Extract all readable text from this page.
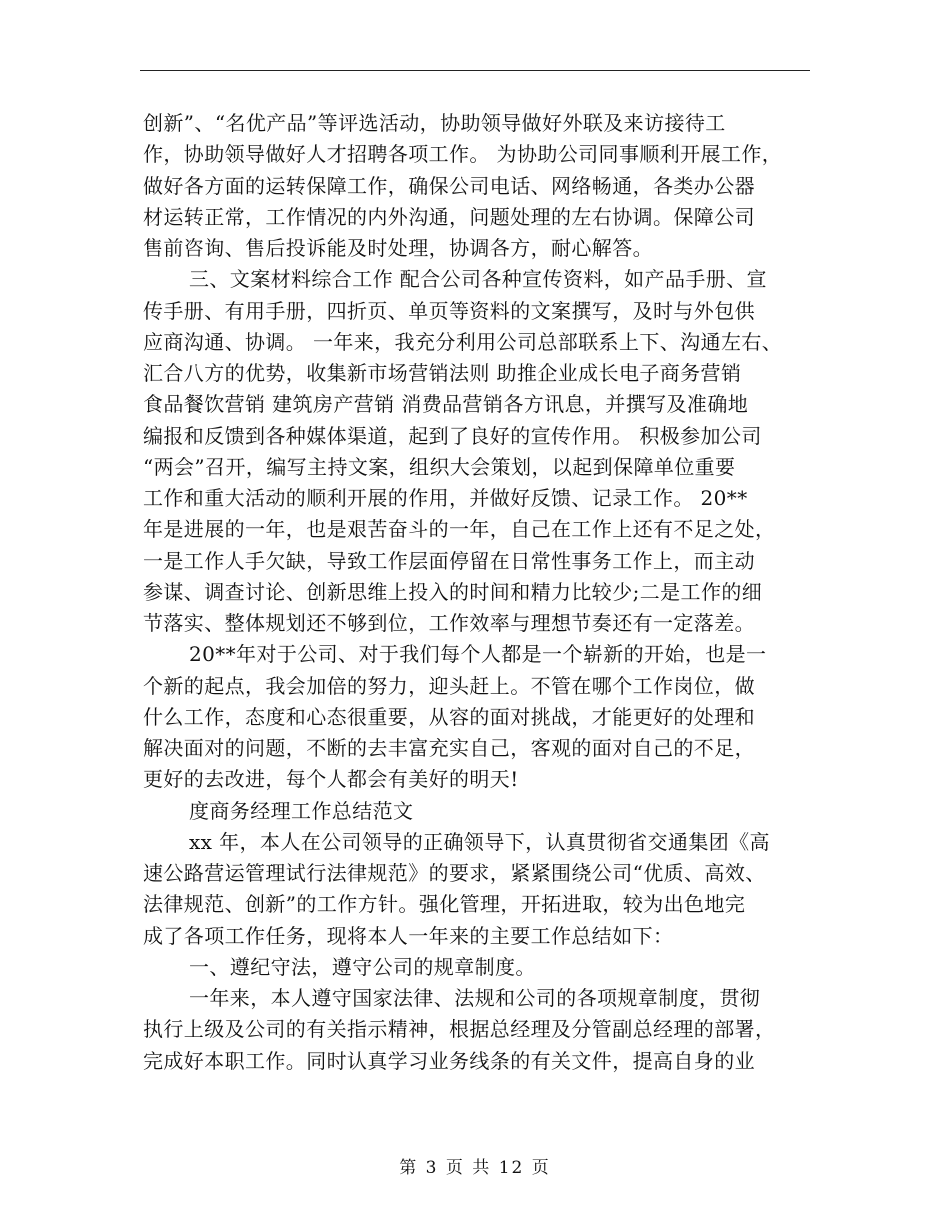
创新”、“名优产品”等评选活动，协助领导做好外联及来访接待工
作，协助领导做好人才招聘各项工作。 为协助公司同事顺利开展工作，
做好各方面的运转保障工作，确保公司电话、网络畅通，各类办公器
材运转正常，工作情况的内外沟通，问题处理的左右协调。保障公司
售前咨询、售后投诉能及时处理，协调各方，耐心解答。
三、文案材料综合工作 配合公司各种宣传资料，如产品手册、宣
传手册、有用手册，四折页、单页等资料的文案撰写，及时与外包供
应商沟通、协调。 一年来，我充分利用公司总部联系上下、沟通左右、
汇合八方的优势，收集新市场营销法则 助推企业成长电子商务营销
食品餐饮营销 建筑房产营销 消费品营销各方讯息，并撰写及准确地
编报和反馈到各种媒体渠道，起到了良好的宣传作用。 积极参加公司
“两会”召开，编写主持文案，组织大会策划，以起到保障单位重要
工作和重大活动的顺利开展的作用，并做好反馈、记录工作。 20**
年是进展的一年，也是艰苦奋斗的一年，自己在工作上还有不足之处，
一是工作人手欠缺，导致工作层面停留在日常性事务工作上，而主动
参谋、调查讨论、创新思维上投入的时间和精力比较少;二是工作的细
节落实、整体规划还不够到位，工作效率与理想节奏还有一定落差。
20**年对于公司、对于我们每个人都是一个崭新的开始，也是一
个新的起点，我会加倍的努力，迎头赶上。不管在哪个工作岗位，做
什么工作，态度和心态很重要，从容的面对挑战，才能更好的处理和
解决面对的问题，不断的去丰富充实自己，客观的面对自己的不足，
更好的去改进，每个人都会有美好的明天!
度商务经理工作总结范文
xx 年，本人在公司领导的正确领导下，认真贯彻省交通集团《高
速公路营运管理试行法律规范》的要求，紧紧围绕公司“优质、高效、
法律规范、创新”的工作方针。强化管理，开拓进取，较为出色地完
成了各项工作任务，现将本人一年来的主要工作总结如下：
一、遵纪守法，遵守公司的规章制度。
一年来，本人遵守国家法律、法规和公司的各项规章制度，贯彻
执行上级及公司的有关指示精神，根据总经理及分管副总经理的部署，
完成好本职工作。同时认真学习业务线条的有关文件，提高自身的业
第 3 页 共 12 页
